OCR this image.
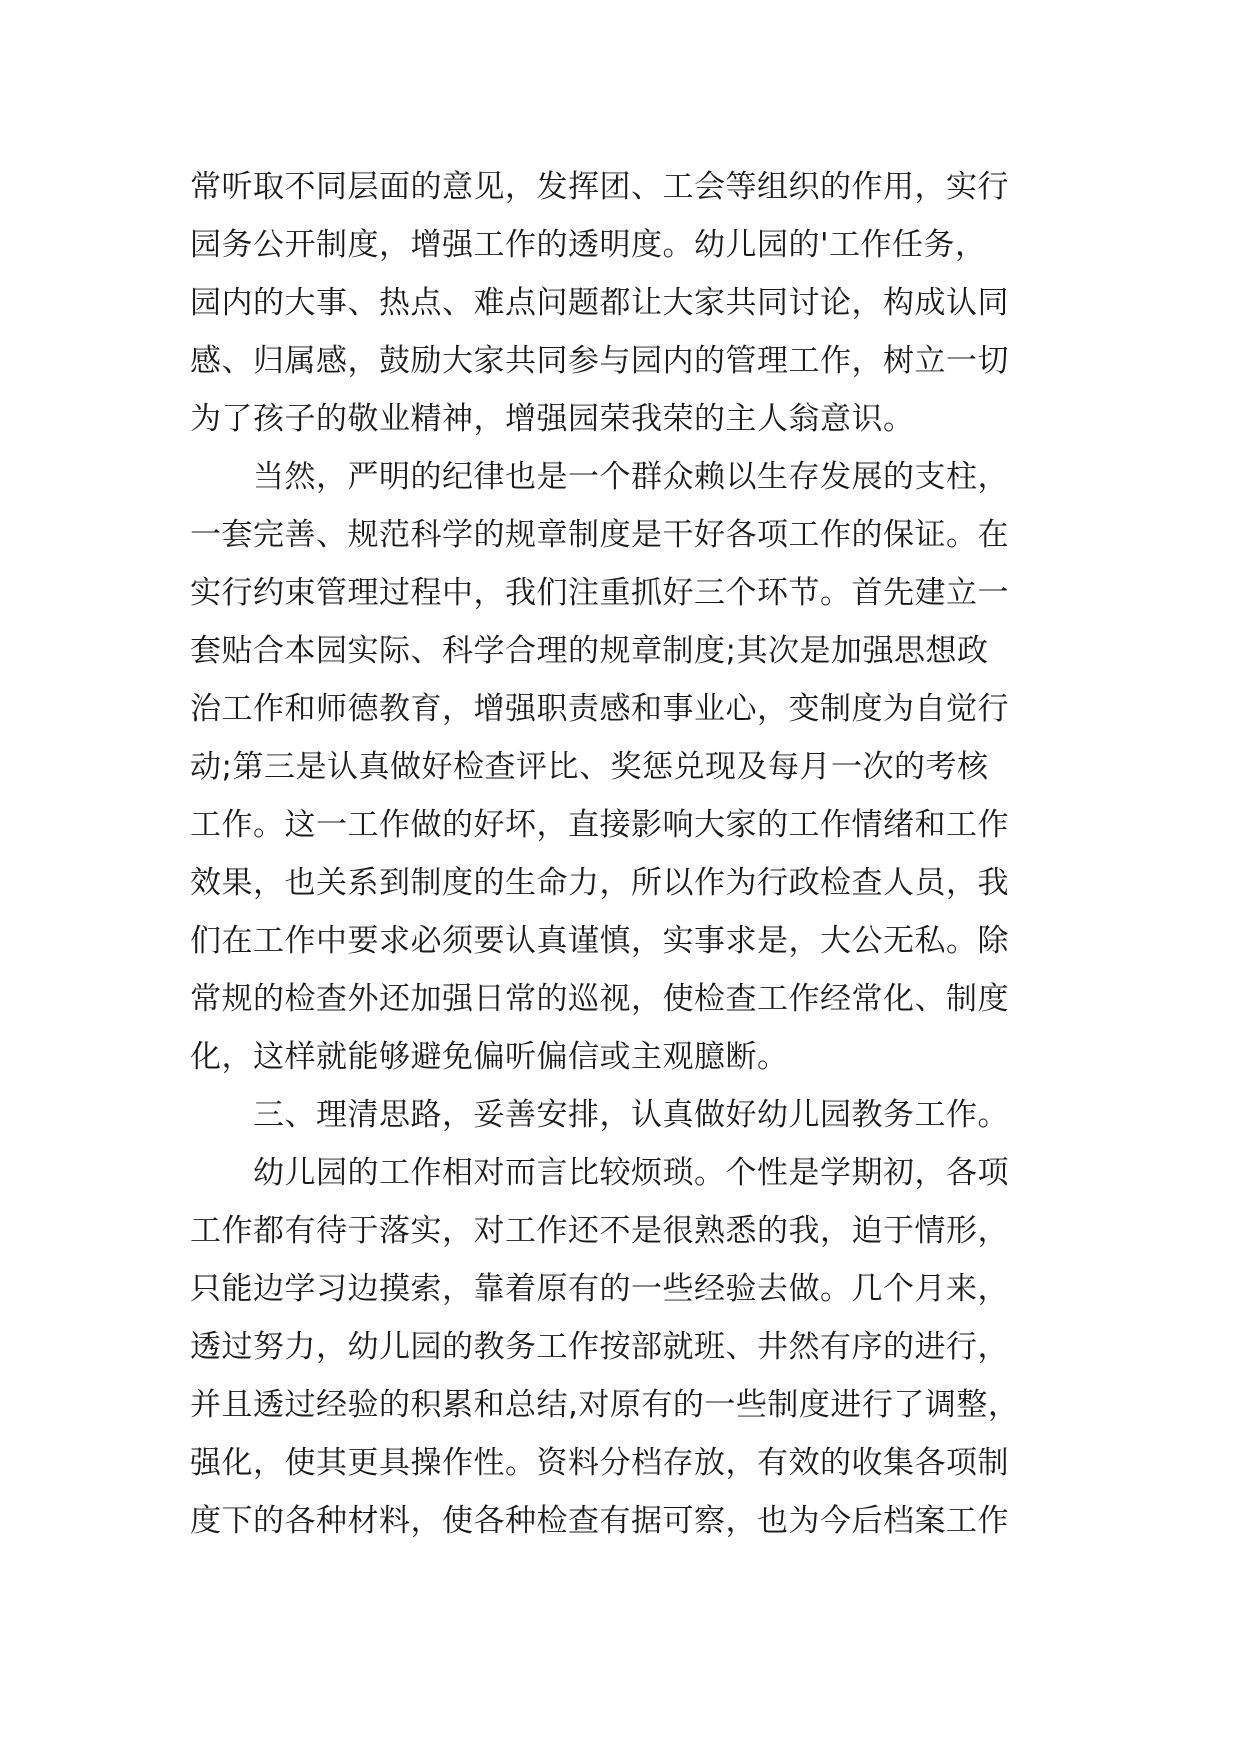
常听取不同层面的意见，发挥团、工会等组织的作用，实行
园务公开制度，增强工作的透明度。幼儿园的'工作任务，
园内的大事、热点、难点问题都让大家共同讨论，构成认同
感、归属感，鼓励大家共同参与园内的管理工作，树立一切
为了孩子的敬业精神，增强园荣我荣的主人翁意识。
　　当然，严明的纪律也是一个群众赖以生存发展的支柱，
一套完善、规范科学的规章制度是干好各项工作的保证。在
实行约束管理过程中，我们注重抓好三个环节。首先建立一
套贴合本园实际、科学合理的规章制度;其次是加强思想政
治工作和师德教育，增强职责感和事业心，变制度为自觉行
动;第三是认真做好检查评比、奖惩兑现及每月一次的考核
工作。这一工作做的好坏，直接影响大家的工作情绪和工作
效果，也关系到制度的生命力，所以作为行政检查人员，我
们在工作中要求必须要认真谨慎，实事求是，大公无私。除
常规的检查外还加强日常的巡视，使检查工作经常化、制度
化，这样就能够避免偏听偏信或主观臆断。
　　三、理清思路，妥善安排，认真做好幼儿园教务工作。
　　幼儿园的工作相对而言比较烦琐。个性是学期初，各项
工作都有待于落实，对工作还不是很熟悉的我，迫于情形，
只能边学习边摸索，靠着原有的一些经验去做。几个月来，
透过努力，幼儿园的教务工作按部就班、井然有序的进行，
并且透过经验的积累和总结,对原有的一些制度进行了调整，
强化，使其更具操作性。资料分档存放，有效的收集各项制
度下的各种材料，使各种检查有据可察，也为今后档案工作
